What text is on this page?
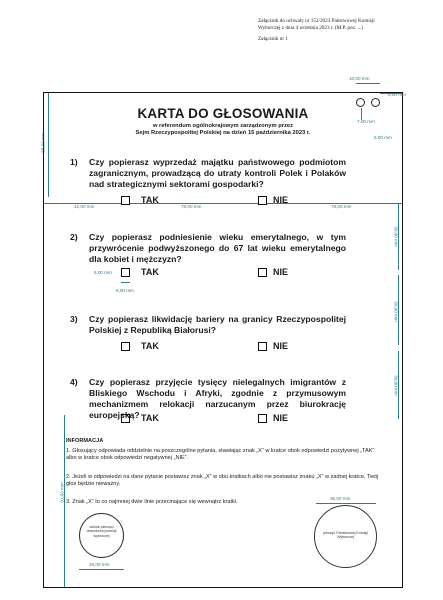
Załącznik do uchwały nr 152/2023 Państwowej Komisji
Wyborczej z dnia 4 września 2023 r. (M.P. poz. ...)
Załącznik nr 1
10,00 mm
5,00 mm
7,00 mm
5,00 mm
65,00 mm
KARTA DO GŁOSOWANIA
w referendum ogólnokrajowym zarządzonym przez
Sejm Rzeczypospolitej Polskiej na dzień 15 października 2023 r.
1) Czy popierasz wyprzedaż majątku państwowego podmiotom zagranicznym, prowadzącą do utraty kontroli Polek i Polaków nad strategicznymi sektorami gospodarki?
TAK	NIE
42,00 mm	78,00 mm	78,00 mm
39,00 mm
2) Czy popierasz podniesienie wieku emerytalnego, w tym przywrócenie podwyższonego do 67 lat wieku emerytalnego dla kobiet i mężczyzn?
TAK	NIE
6,00 mm
6,00 mm
39,00 mm
3) Czy popierasz likwidację bariery na granicy Rzeczypospolitej Polskiej z Republiką Białorusi?
TAK	NIE
39,00 mm
4) Czy popierasz przyjęcie tysięcy nielegalnych imigrantów z Bliskiego Wschodu i Afryki, zgodnie z przymusowym mechanizmem relokacji narzucanym przez biurokrację europejską? TAK	NIE
INFORMACJA
1. Głosujący odpowiada oddzielnie na poszczególne pytania, stawiając znak „X” w kratce obok odpowiedzi pozytywnej „TAK” albo w kratce obok odpowiedzi negatywnej „NIE”.
2. Jeżeli w odpowiedzi na dane pytanie postawisz znak „X” w obu kratkach albo nie postawisz znaku „X” w żadnej kratce, Twój głos będzie nieważny.
3. Znak „X” to co najmniej dwie linie przecinające się wewnątrz kratki.
91,00 mm
odcisk pieczęci obwodowej komisji wyborczej
25,00 mm
35,00 mm
pieczęć Państwowej Komisji Wyborczej
